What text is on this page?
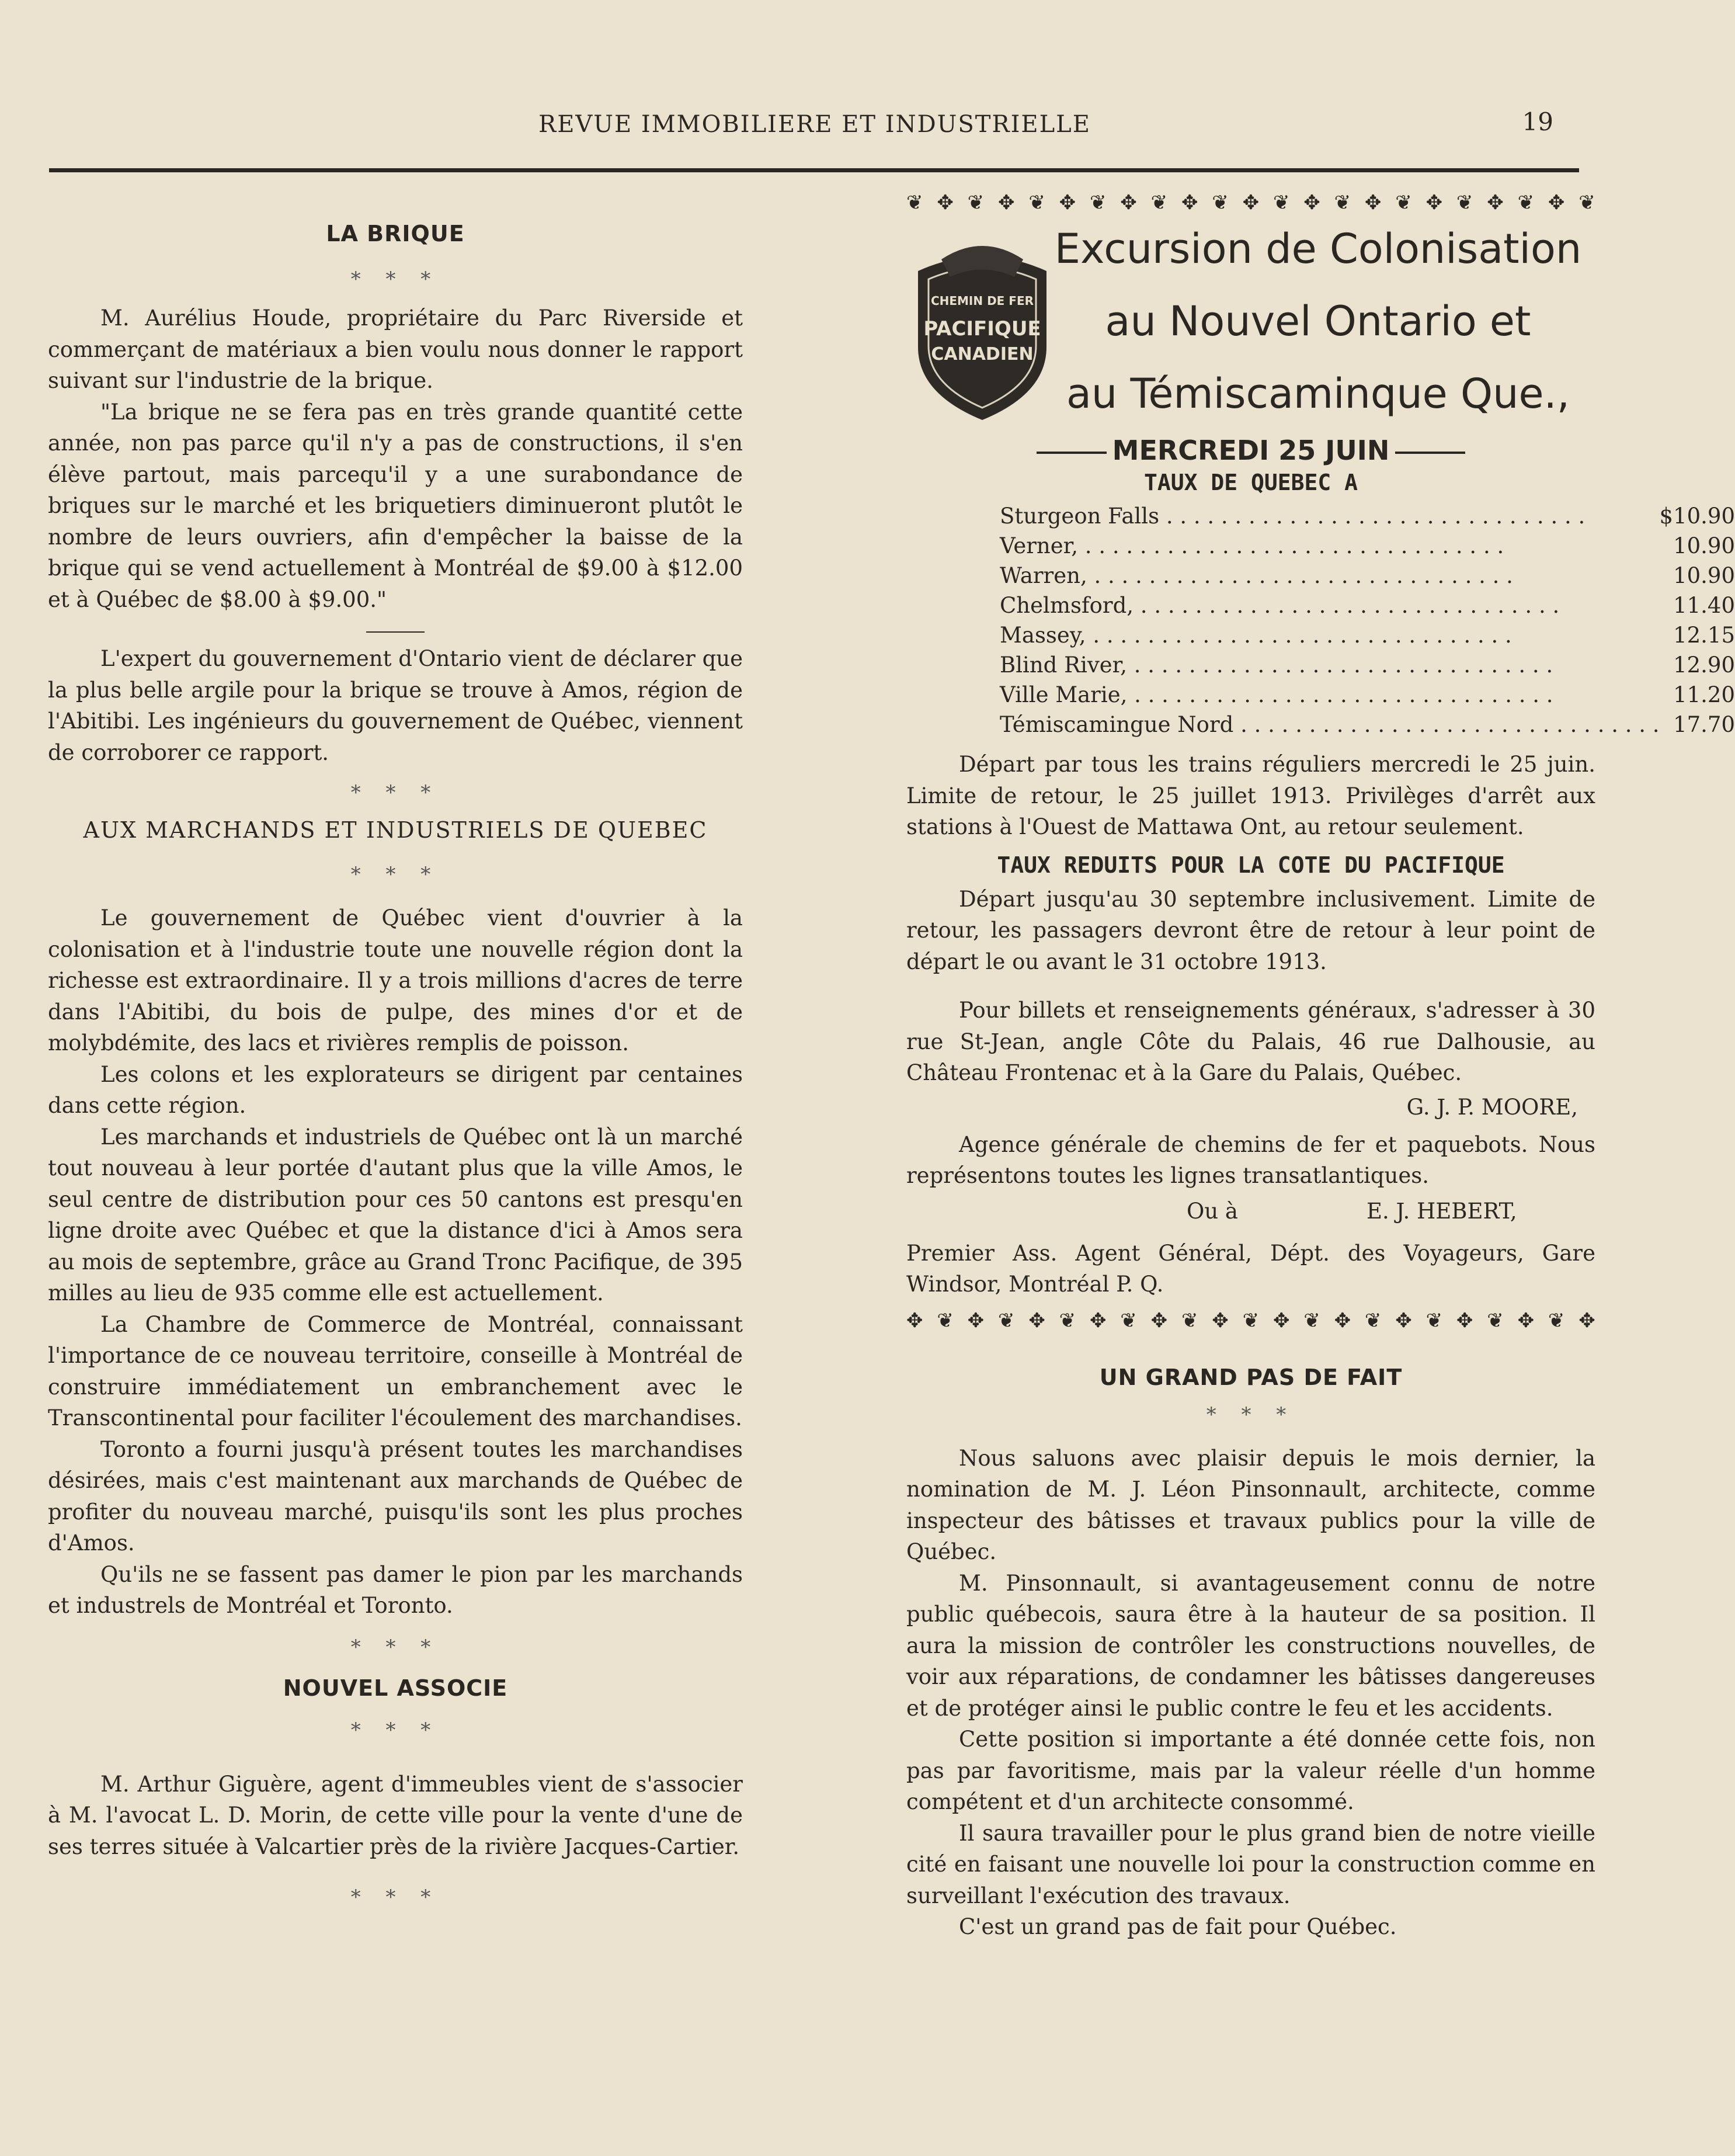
REVUE IMMOBILIERE ET INDUSTRIELLE	19
LA BRIQUE

* * *

M. Aurélius Houde, propriétaire du Parc Riverside et commerçant de matériaux a bien voulu nous donner le rapport suivant sur l'industrie de la brique.

"La brique ne se fera pas en très grande quantité cette année, non pas parce qu'il n'y a pas de constructions, il s'en élève partout, mais parcequ'il y a une surabondance de briques sur le marché et les briquetiers diminueront plutôt le nombre de leurs ouvriers, afin d'empêcher la baisse de la brique qui se vend actuellement à Montréal de $9.00 à $12.00 et à Québec de $8.00 à $9.00."

L'expert du gouvernement d'Ontario vient de déclarer que la plus belle argile pour la brique se trouve à Amos, région de l'Abitibi. Les ingénieurs du gouvernement de Québec, viennent de corroborer ce rapport.

* * *

AUX MARCHANDS ET INDUSTRIELS DE QUEBEC

* * *

Le gouvernement de Québec vient d'ouvrier à la colonisation et à l'industrie toute une nouvelle région dont la richesse est extraordinaire. Il y a trois millions d'acres de terre dans l'Abitibi, du bois de pulpe, des mines d'or et de molybdémite, des lacs et rivières remplis de poisson.

Les colons et les explorateurs se dirigent par centaines dans cette région.

Les marchands et industriels de Québec ont là un marché tout nouveau à leur portée d'autant plus que la ville Amos, le seul centre de distribution pour ces 50 cantons est presqu'en ligne droite avec Québec et que la distance d'ici à Amos sera au mois de septembre, grâce au Grand Tronc Pacifique, de 395 milles au lieu de 935 comme elle est actuellement.

La Chambre de Commerce de Montréal, connaissant l'importance de ce nouveau territoire, conseille à Montréal de construire immédiatement un embranchement avec le Transcontinental pour faciliter l'écoulement des marchandises.

Toronto a fourni jusqu'à présent toutes les marchandises désirées, mais c'est maintenant aux marchands de Québec de profiter du nouveau marché, puisqu'ils sont les plus proches d'Amos.

Qu'ils ne se fassent pas damer le pion par les marchands et industrels de Montréal et Toronto.

* * *

NOUVEL ASSOCIE

* * *

M. Arthur Giguère, agent d'immeubles vient de s'associer à M. l'avocat L. D. Morin, de cette ville pour la vente d'une de ses terres située à Valcartier près de la rivière Jacques-Cartier.

* * *

❦ ✥ ❦ ✥ ❦ ✥ ❦ ✥ ❦ ✥ ❦ ✥ ❦ ✥ ❦ ✥ ❦ ✥ ❦ ✥ ❦ ✥ ❦
CHEMIN DE FER
PACIFIQUE
CANADIEN
Excursion de Colonisation
au Nouvel Ontario et
au Témiscaminque Que.,

MERCREDI 25 JUIN

TAUX DE QUEBEC A

Sturgeon Falls . . .	$10.90
Verner, . . .	10.90
Warren, . . .	10.90
Chelmsford, . . .	11.40
Massey, . . .	12.15
Blind River, . . .	12.90
Ville Marie, . . .	11.20
Témiscamingue Nord . . .	17.70

Départ par tous les trains réguliers mercredi le 25 juin. Limite de retour, le 25 juillet 1913. Privilèges d'arrêt aux stations à l'Ouest de Mattawa Ont, au retour seulement.

TAUX REDUITS POUR LA COTE DU PACIFIQUE

Départ jusqu'au 30 septembre inclusivement. Limite de retour, les passagers devront être de retour à leur point de départ le ou avant le 31 octobre 1913.

Pour billets et renseignements généraux, s'adresser à 30 rue St-Jean, angle Côte du Palais, 46 rue Dalhousie, au Château Frontenac et à la Gare du Palais, Québec.

G. J. P. MOORE,

Agence générale de chemins de fer et paquebots. Nous représentons toutes les lignes transatlantiques.

Ou à	E. J. HEBERT,

Premier Ass. Agent Général, Dépt. des Voyageurs, Gare Windsor, Montréal P. Q.

✥ ❦ ✥ ❦ ✥ ❦ ✥ ❦ ✥ ❦ ✥ ❦ ✥ ❦ ✥ ❦ ✥ ❦ ✥ ❦ ✥ ❦ ✥
UN GRAND PAS DE FAIT

* * *

Nous saluons avec plaisir depuis le mois dernier, la nomination de M. J. Léon Pinsonnault, architecte, comme inspecteur des bâtisses et travaux publics pour la ville de Québec.

M. Pinsonnault, si avantageusement connu de notre public québecois, saura être à la hauteur de sa position. Il aura la mission de contrôler les constructions nouvelles, de voir aux réparations, de condamner les bâtisses dangereuses et de protéger ainsi le public contre le feu et les accidents.

Cette position si importante a été donnée cette fois, non pas par favoritisme, mais par la valeur réelle d'un homme compétent et d'un architecte consommé.

Il saura travailler pour le plus grand bien de notre vieille cité en faisant une nouvelle loi pour la construction comme en surveillant l'exécution des travaux.

C'est un grand pas de fait pour Québec.
